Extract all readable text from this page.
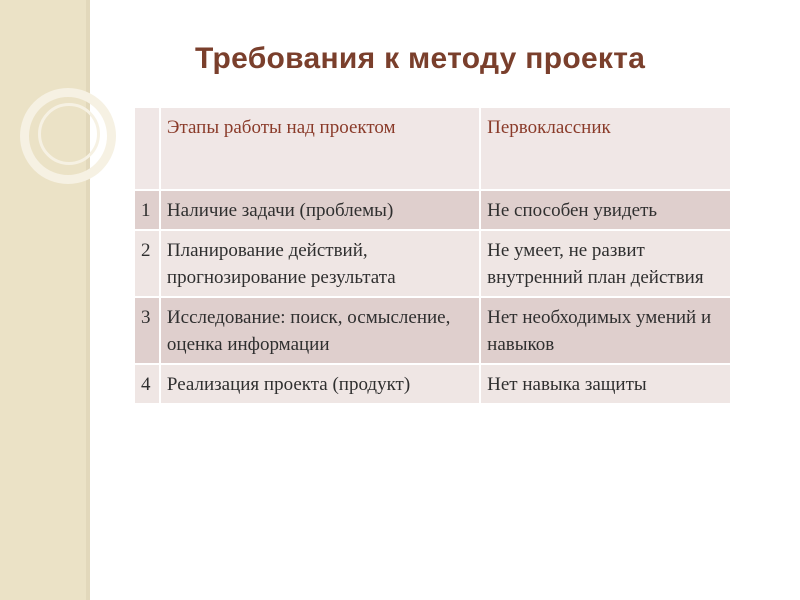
Требования к методу проекта
	Этапы работы над проектом	Первоклассник
1	Наличие задачи (проблемы)	Не способен увидеть

2	Планирование действий, прогнозирование результата	Не умеет, не развит внутренний план действия

3	Исследование: поиск, осмысление, оценка информации	Нет необходимых умений и навыков

4	Реализация проекта (продукт)	Нет навыка защиты
